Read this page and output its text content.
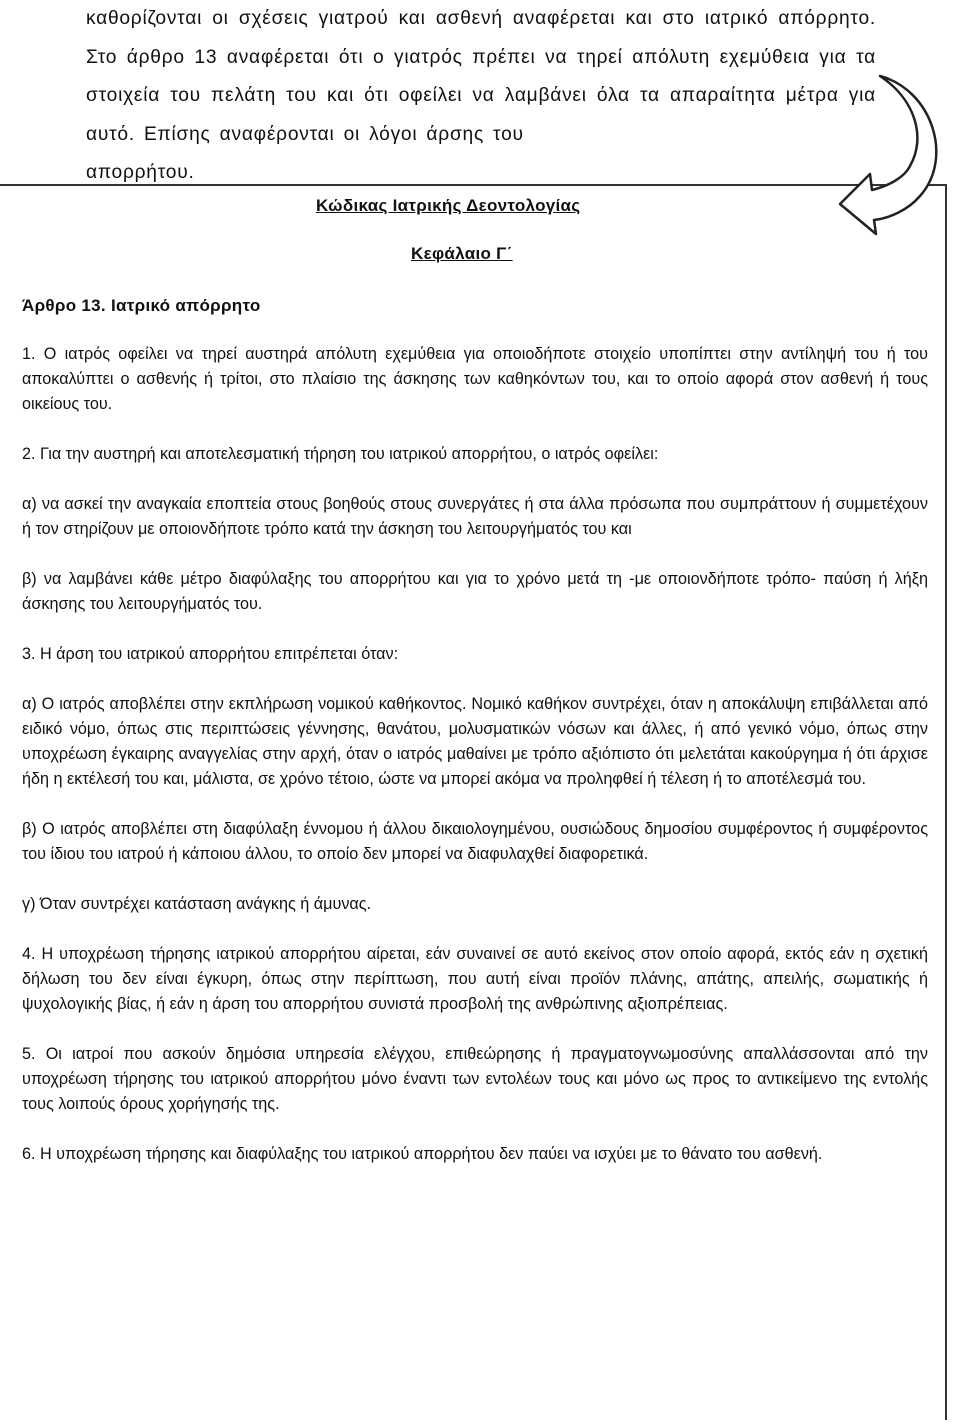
καθορίζονται οι σχέσεις γιατρού και ασθενή αναφέρεται και στο ιατρικό απόρρητο. Στο άρθρο 13 αναφέρεται ότι ο γιατρός πρέπει να τηρεί απόλυτη εχεμύθεια για τα στοιχεία του πελάτη του και ότι οφείλει να λαμβάνει όλα τα απαραίτητα μέτρα για αυτό. Επίσης αναφέρονται οι λόγοι άρσης του
απορρήτου.

Κώδικας Ιατρικής Δεοντολογίας
Κεφάλαιο Γ΄
Άρθρο 13. Ιατρικό απόρρητο

1. Ο ιατρός οφείλει να τηρεί αυστηρά απόλυτη εχεμύθεια για οποιοδήποτε στοιχείο υποπίπτει στην αντίληψή του ή του αποκαλύπτει ο ασθενής ή τρίτοι, στο πλαίσιο της άσκησης των καθηκόντων του, και το οποίο αφορά στον ασθενή ή τους οικείους του.

2. Για την αυστηρή και αποτελεσματική τήρηση του ιατρικού απορρήτου, ο ιατρός οφείλει:

α) να ασκεί την αναγκαία εποπτεία στους βοηθούς στους συνεργάτες ή στα άλλα πρόσωπα που συμπράττουν ή συμμετέχουν ή τον στηρίζουν με οποιονδήποτε τρόπο κατά την άσκηση του λειτουργήματός του και

β) να λαμβάνει κάθε μέτρο διαφύλαξης του απορρήτου και για το χρόνο μετά τη -με οποιονδήποτε τρόπο- παύση ή λήξη άσκησης του λειτουργήματός του.

3. Η άρση του ιατρικού απορρήτου επιτρέπεται όταν:

α) Ο ιατρός αποβλέπει στην εκπλήρωση νομικού καθήκοντος. Νομικό καθήκον συντρέχει, όταν η αποκάλυψη επιβάλλεται από ειδικό νόμο, όπως στις περιπτώσεις γέννησης, θανάτου, μολυσματικών νόσων και άλλες, ή από γενικό νόμο, όπως στην υποχρέωση έγκαιρης αναγγελίας στην αρχή, όταν ο ιατρός μαθαίνει με τρόπο αξιόπιστο ότι μελετάται κακούργημα ή ότι άρχισε ήδη η εκτέλεσή του και, μάλιστα, σε χρόνο τέτοιο, ώστε να μπορεί ακόμα να προληφθεί ή τέλεση ή το αποτέλεσμά του.

β) Ο ιατρός αποβλέπει στη διαφύλαξη έννομου ή άλλου δικαιολογημένου, ουσιώδους δημοσίου συμφέροντος ή συμφέροντος του ίδιου του ιατρού ή κάποιου άλλου, το οποίο δεν μπορεί να διαφυλαχθεί διαφορετικά.

γ) Όταν συντρέχει κατάσταση ανάγκης ή άμυνας.

4. Η υποχρέωση τήρησης ιατρικού απορρήτου αίρεται, εάν συναινεί σε αυτό εκείνος στον οποίο αφορά, εκτός εάν η σχετική δήλωση του δεν είναι έγκυρη, όπως στην περίπτωση, που αυτή είναι προϊόν πλάνης, απάτης, απειλής, σωματικής ή ψυχολογικής βίας, ή εάν η άρση του απορρήτου συνιστά προσβολή της ανθρώπινης αξιοπρέπειας.

5. Οι ιατροί που ασκούν δημόσια υπηρεσία ελέγχου, επιθεώρησης ή πραγματογνωμοσύνης απαλλάσσονται από την υποχρέωση τήρησης του ιατρικού απορρήτου μόνο έναντι των εντολέων τους και μόνο ως προς το αντικείμενο της εντολής τους λοιπούς όρους χορήγησής της.

6. Η υποχρέωση τήρησης και διαφύλαξης του ιατρικού απορρήτου δεν παύει να ισχύει με το θάνατο του ασθενή.
